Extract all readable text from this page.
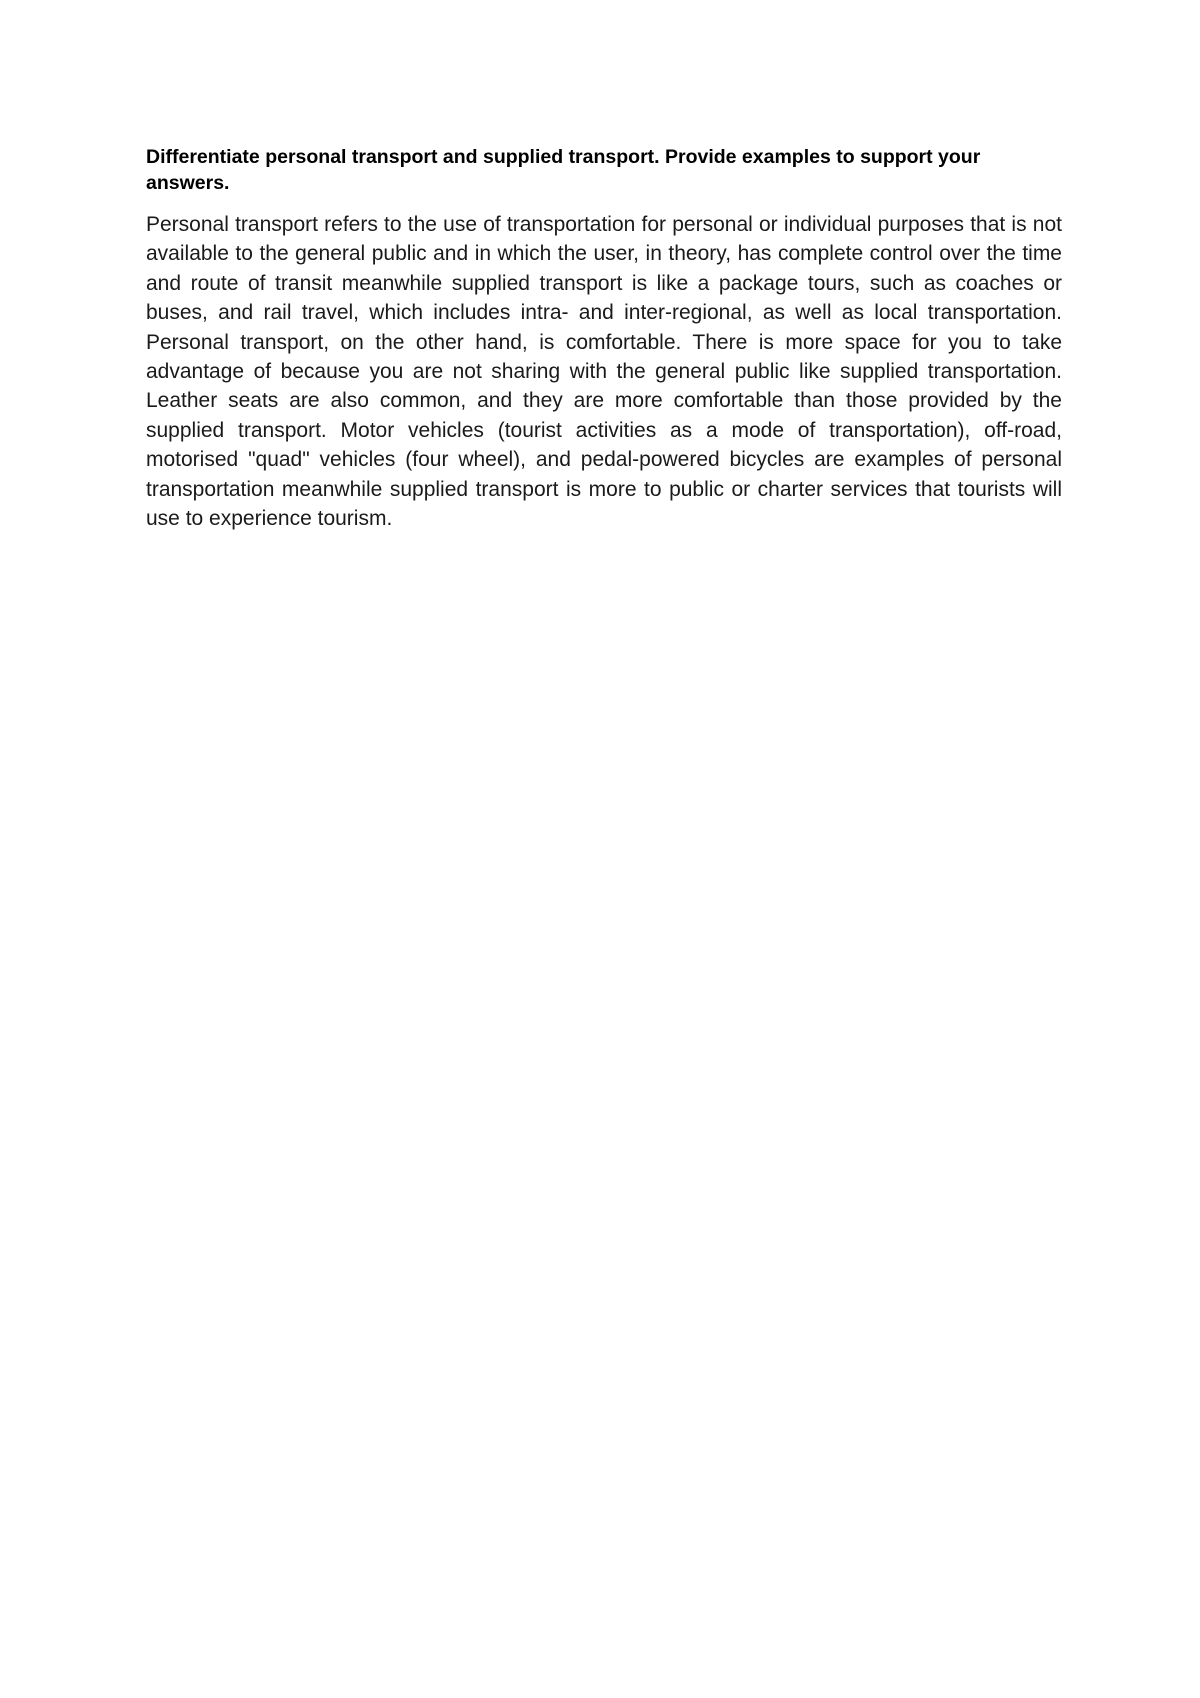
Differentiate personal transport and supplied transport. Provide examples to support your answers.

Personal transport refers to the use of transportation for personal or individual purposes that is not available to the general public and in which the user, in theory, has complete control over the time and route of transit meanwhile supplied transport is like a package tours, such as coaches or buses, and rail travel, which includes intra- and inter-regional, as well as local transportation. Personal transport, on the other hand, is comfortable. There is more space for you to take advantage of because you are not sharing with the general public like supplied transportation. Leather seats are also common, and they are more comfortable than those provided by the supplied transport. Motor vehicles (tourist activities as a mode of transportation), off-road, motorised "quad" vehicles (four wheel), and pedal-powered bicycles are examples of personal transportation meanwhile supplied transport is more to public or charter services that tourists will use to experience tourism.
